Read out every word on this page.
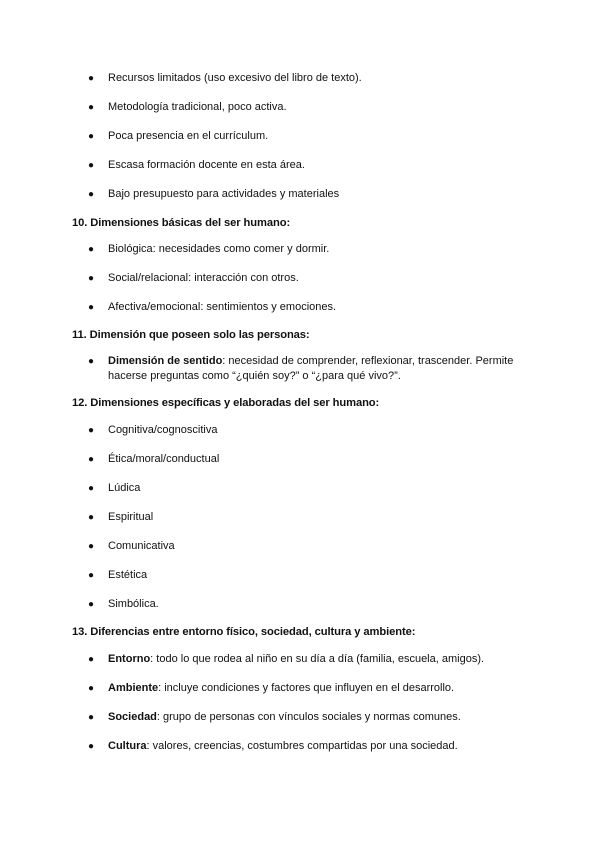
● Recursos limitados (uso excesivo del libro de texto).
● Metodología tradicional, poco activa.
● Poca presencia en el currículum.
● Escasa formación docente en esta área.
● Bajo presupuesto para actividades y materiales

10. Dimensiones básicas del ser humano:

● Biológica: necesidades como comer y dormir.
● Social/relacional: interacción con otros.
● Afectiva/emocional: sentimientos y emociones.

11. Dimensión que poseen solo las personas:

● Dimensión de sentido: necesidad de comprender, reflexionar, trascender. Permite hacerse preguntas como “¿quién soy?” o “¿para qué vivo?”.

12. Dimensiones específicas y elaboradas del ser humano:

● Cognitiva/cognoscitiva
● Ética/moral/conductual
● Lúdica
● Espiritual
● Comunicativa
● Estética
● Simbólica.

13. Diferencias entre entorno físico, sociedad, cultura y ambiente:

● Entorno: todo lo que rodea al niño en su día a día (familia, escuela, amigos).
● Ambiente: incluye condiciones y factores que influyen en el desarrollo.
● Sociedad: grupo de personas con vínculos sociales y normas comunes.
● Cultura: valores, creencias, costumbres compartidas por una sociedad.
